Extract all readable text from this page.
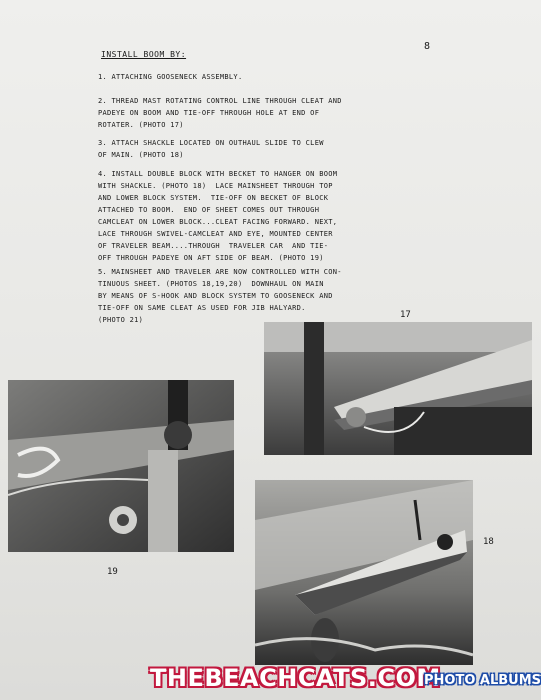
INSTALL BOOM BY:
8
1. ATTACHING GOOSENECK ASSEMBLY.
2. THREAD MAST ROTATING CONTROL LINE THROUGH CLEAT AND
PADEYE ON BOOM AND TIE-OFF THROUGH HOLE AT END OF
ROTATER. (PHOTO 17)
3. ATTACH SHACKLE LOCATED ON OUTHAUL SLIDE TO CLEW
OF MAIN. (PHOTO 18)
4. INSTALL DOUBLE BLOCK WITH BECKET TO HANGER ON BOOM
WITH SHACKLE. (PHOTO 18)  LACE MAINSHEET THROUGH TOP
AND LOWER BLOCK SYSTEM.  TIE-OFF ON BECKET OF BLOCK
ATTACHED TO BOOM.  END OF SHEET COMES OUT THROUGH
CAMCLEAT ON LOWER BLOCK...CLEAT FACING FORWARD. NEXT,
LACE THROUGH SWIVEL-CAMCLEAT AND EYE, MOUNTED CENTER
OF TRAVELER BEAM....THROUGH  TRAVELER CAR  AND TIE-
OFF THROUGH PADEYE ON AFT SIDE OF BEAM. (PHOTO 19)
5. MAINSHEET AND TRAVELER ARE NOW CONTROLLED WITH CON-
TINUOUS SHEET. (PHOTOS 18,19,20)  DOWNHAUL ON MAIN
BY MEANS OF S-HOOK AND BLOCK SYSTEM TO GOOSENECK AND
TIE-OFF ON SAME CLEAT AS USED FOR JIB HALYARD.
(PHOTO 21)	17
19
18
THEBEACHCATS.COM
PHOTO ALBUMS
